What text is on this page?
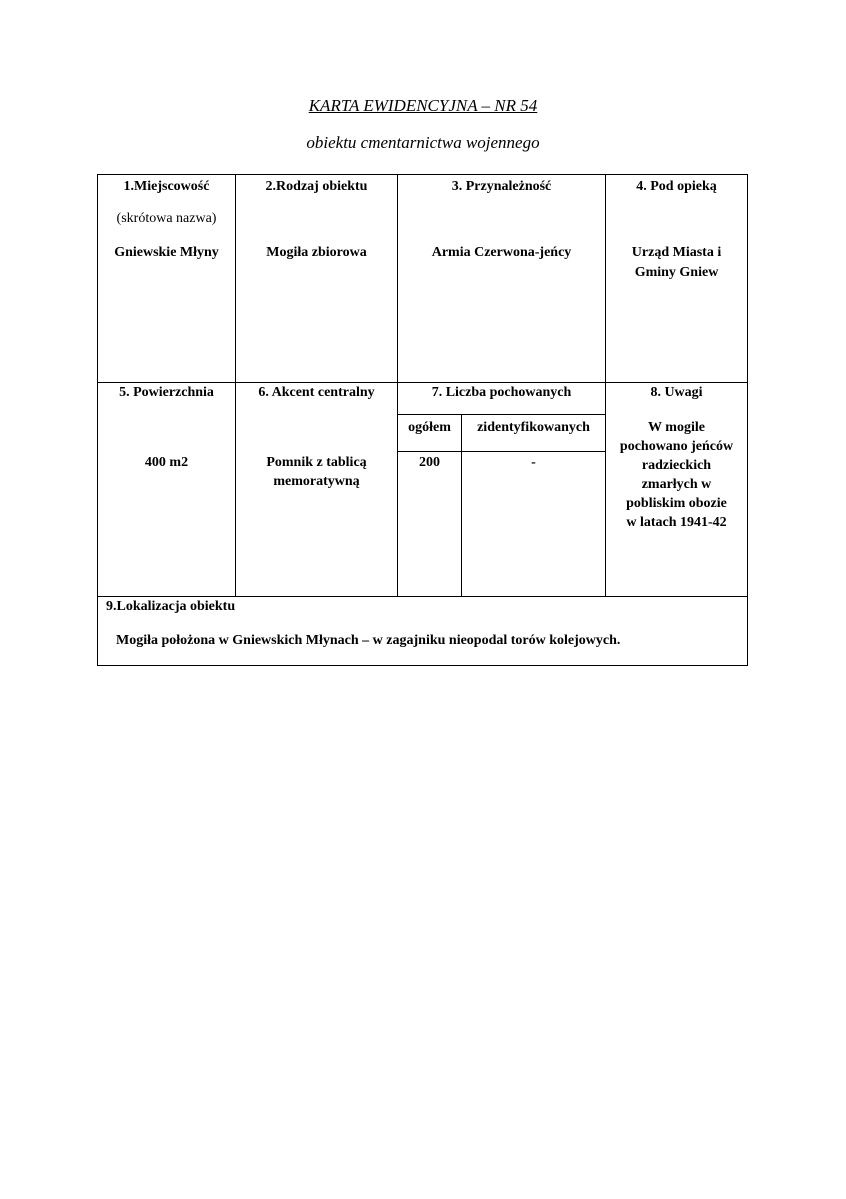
KARTA EWIDENCYJNA – NR 54
obiektu cmentarnictwa wojennego
1.Miejscowość
(skrótowa nazwa)
Gniewskie Młyny
2.Rodzaj obiektu
Mogiła zbiorowa
3. Przynależność
Armia Czerwona-jeńcy
4. Pod opieką
Urząd Miasta i
Gminy Gniew
5. Powierzchnia
400 m2
6. Akcent centralny
Pomnik z tablicą
memoratywną
7. Liczba pochowanych
ogółem	zidentyfikowanych
200	-
8. Uwagi
W mogile
pochowano jeńców
radzieckich
zmarłych w
pobliskim obozie
w latach 1941-42
9.Lokalizacja obiektu
Mogiła położona w Gniewskich Młynach – w zagajniku nieopodal torów kolejowych.
